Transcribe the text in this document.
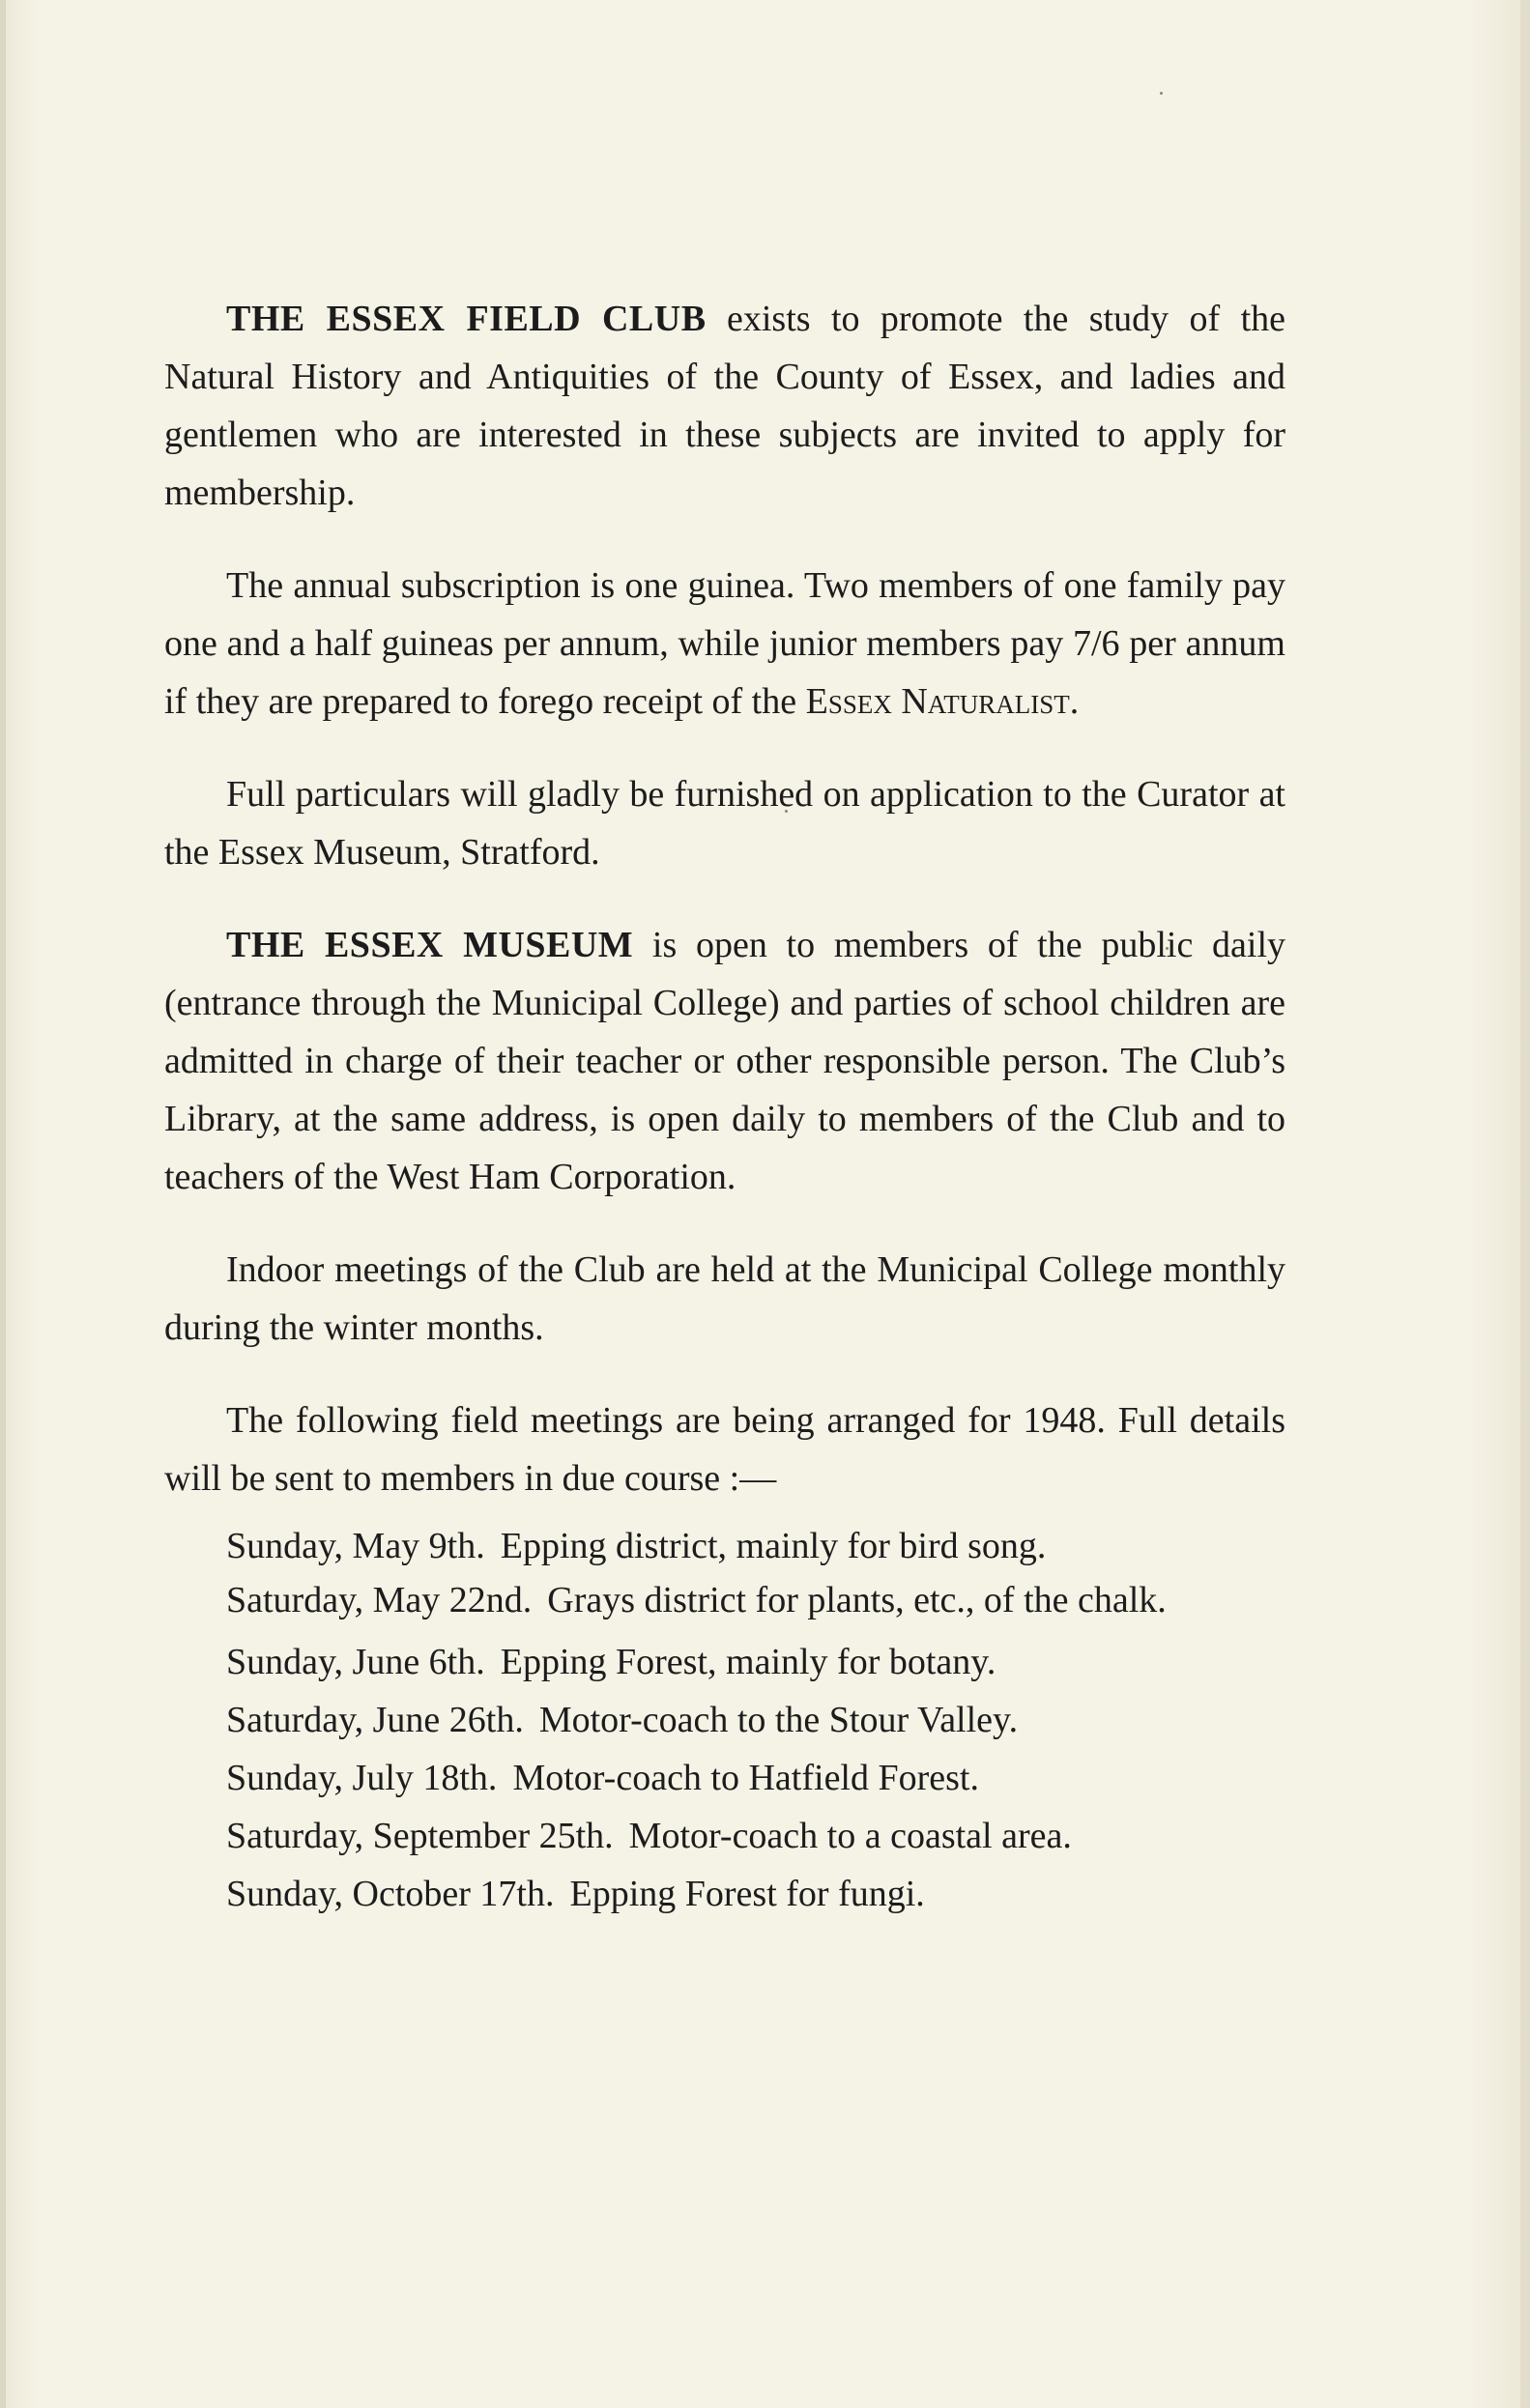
THE ESSEX FIELD CLUB exists to promote the study of the Natural History and Antiquities of the County of Essex, and ladies and gentlemen who are interested in these subjects are invited to apply for membership.

The annual subscription is one guinea. Two members of one family pay one and a half guineas per annum, while junior members pay 7/6 per annum if they are prepared to forego receipt of the Essex Naturalist.

Full particulars will gladly be furnished on application to the Curator at the Essex Museum, Stratford.

THE ESSEX MUSEUM is open to members of the public daily (entrance through the Municipal College) and parties of school children are admitted in charge of their teacher or other responsible person. The Club’s Library, at the same address, is open daily to members of the Club and to teachers of the West Ham Corporation.

Indoor meetings of the Club are held at the Municipal College monthly during the winter months.

The following field meetings are being arranged for 1948. Full details will be sent to members in due course :—

Sunday, May 9th. Epping district, mainly for bird song.
Saturday, May 22nd. Grays district for plants, etc., of the chalk.
Sunday, June 6th. Epping Forest, mainly for botany.
Saturday, June 26th. Motor-coach to the Stour Valley.
Sunday, July 18th. Motor-coach to Hatfield Forest.
Saturday, September 25th. Motor-coach to a coastal area.
Sunday, October 17th. Epping Forest for fungi.
